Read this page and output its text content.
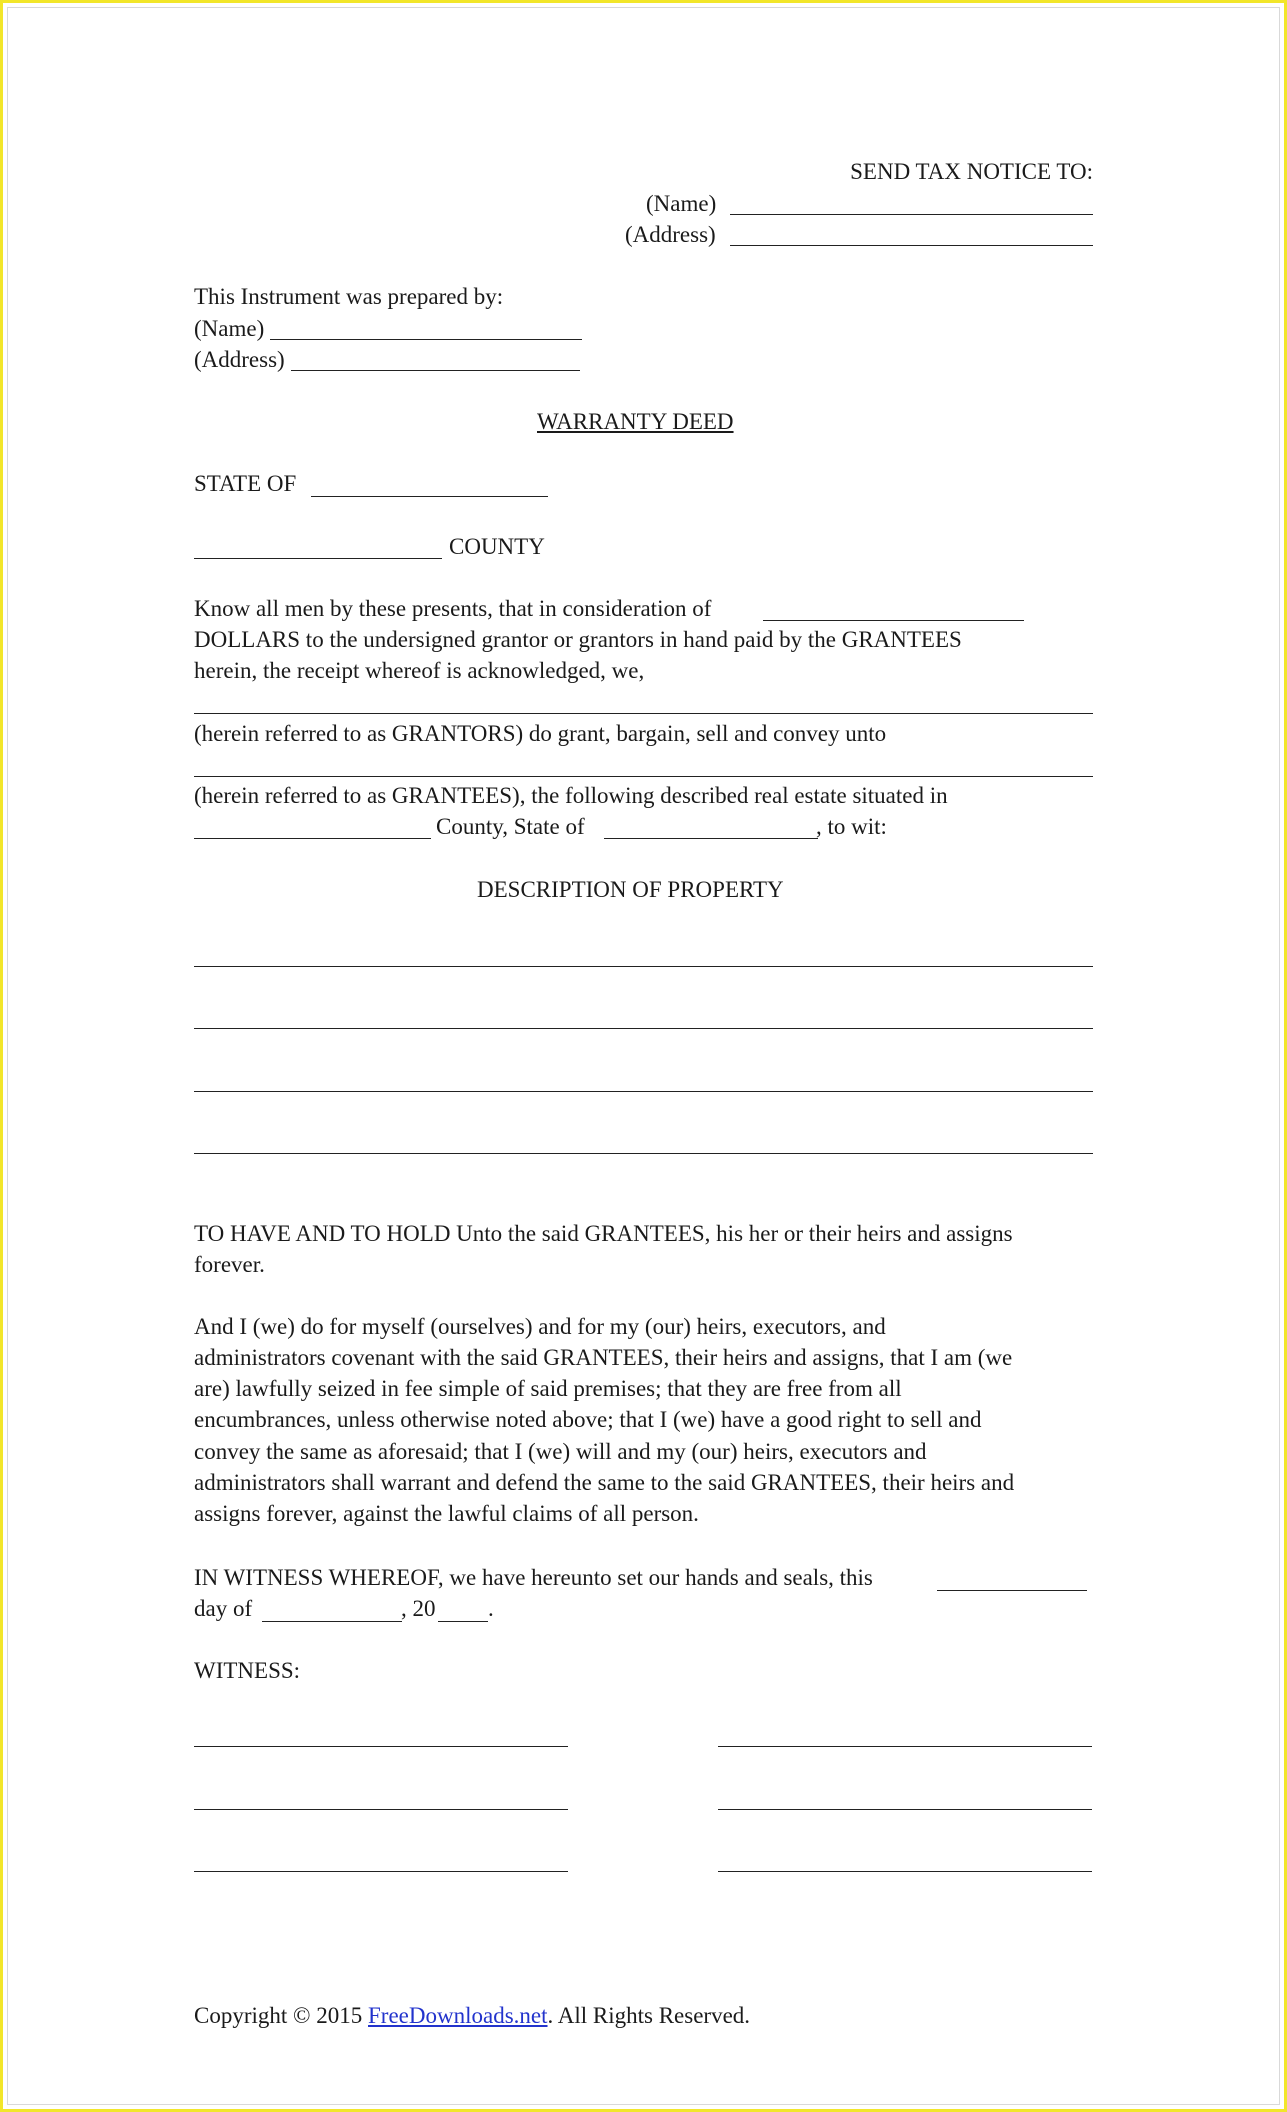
SEND TAX NOTICE TO:
(Name)
(Address)
This Instrument was prepared by:
(Name)
(Address)
WARRANTY DEED
STATE OF
COUNTY
Know all men by these presents, that in consideration of
DOLLARS to the undersigned grantor or grantors in hand paid by the GRANTEES
herein, the receipt whereof is acknowledged, we,
(herein referred to as GRANTORS) do grant, bargain, sell and convey unto
(herein referred to as GRANTEES), the following described real estate situated in
County, State of	, to wit:
DESCRIPTION OF PROPERTY
TO HAVE AND TO HOLD Unto the said GRANTEES, his her or their heirs and assigns
forever.
And I (we) do for myself (ourselves) and for my (our) heirs, executors, and
administrators covenant with the said GRANTEES, their heirs and assigns, that I am (we
are) lawfully seized in fee simple of said premises; that they are free from all
encumbrances, unless otherwise noted above; that I (we) have a good right to sell and
convey the same as aforesaid; that I (we) will and my (our) heirs, executors and
administrators shall warrant and defend the same to the said GRANTEES, their heirs and
assigns forever, against the lawful claims of all person.
IN WITNESS WHEREOF, we have hereunto set our hands and seals, this
day of	, 20 .
WITNESS:
Copyright © 2015 FreeDownloads.net. All Rights Reserved.
